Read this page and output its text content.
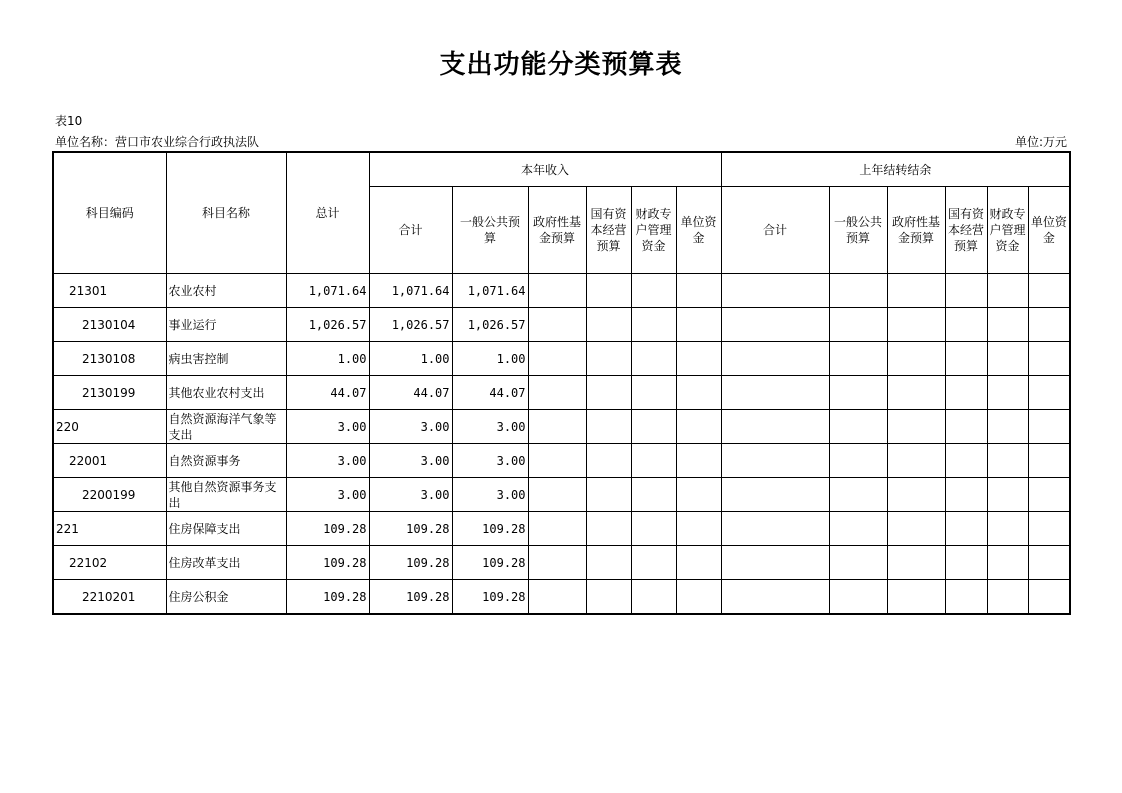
支出功能分类预算表
表10
单位名称：营口市农业综合行政执法队	单位:万元
科目编码	科目名称	总计	本年收入						上年结转结余					
			合计	一般公共预算	政府性基金预算	国有资本经营预算	财政专户管理资金	单位资金	合计	一般公共预算	政府性基金预算	国有资本经营预算	财政专户管理资金	单位资金
21301	农业农村	1,071.64	1,071.64	1,071.64										
2130104	事业运行	1,026.57	1,026.57	1,026.57										
2130108	病虫害控制	1.00	1.00	1.00										
2130199	其他农业农村支出	44.07	44.07	44.07										
220	自然资源海洋气象等支出	3.00	3.00	3.00										
22001	自然资源事务	3.00	3.00	3.00										
2200199	其他自然资源事务支出	3.00	3.00	3.00										
221	住房保障支出	109.28	109.28	109.28										
22102	住房改革支出	109.28	109.28	109.28										
2210201	住房公积金	109.28	109.28	109.28										
